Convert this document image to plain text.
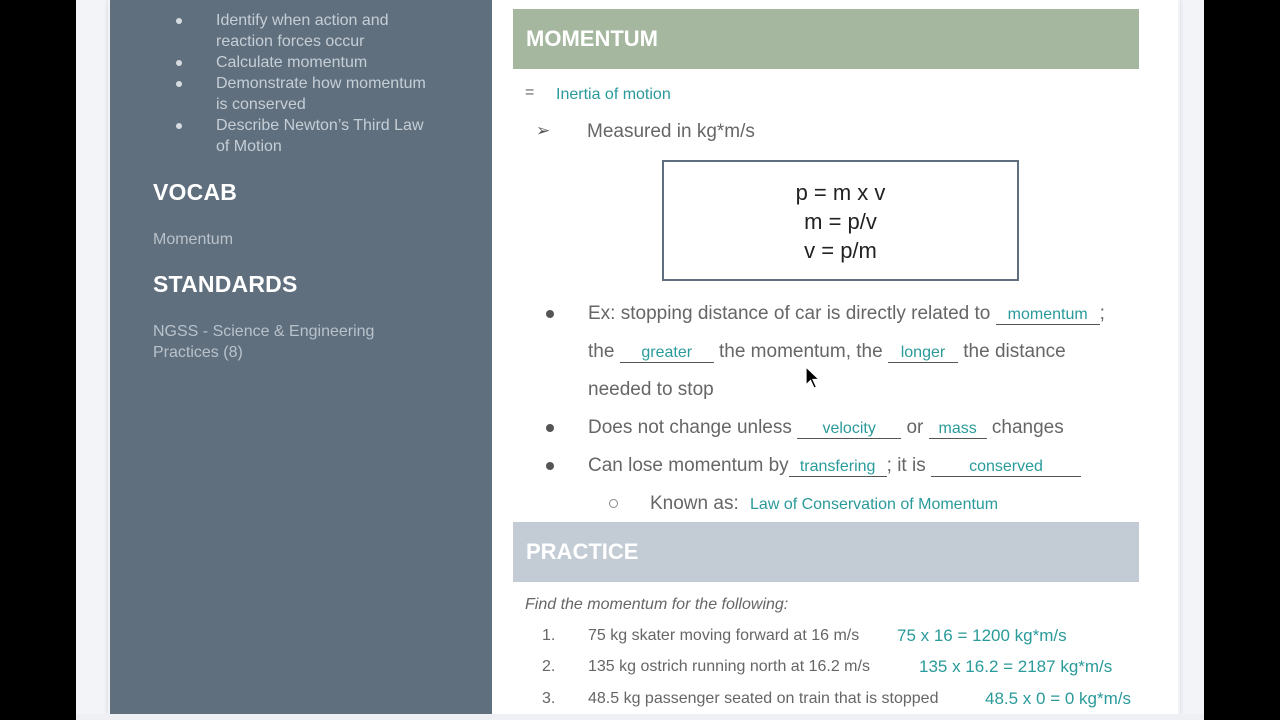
Identify when action and
reaction forces occur
Calculate momentum
Demonstrate how momentum
is conserved
Describe Newton’s Third Law
of Motion
VOCAB
Momentum
STANDARDS
NGSS - Science & Engineering
Practices (8)
MOMENTUM
= Inertia of motion
➢ Measured in kg*m/s
p = m x v
m = p/v
v = p/m
Ex: stopping distance of car is directly related to momentum ;
the greater the momentum, the longer the distance
needed to stop
Does not change unless velocity or mass changes
Can lose momentum by transfering ; it is	conserved
Known as: Law of Conservation of Momentum
PRACTICE
Find the momentum for the following:
1. 75 kg skater moving forward at 16 m/s 75 x 16 = 1200 kg*m/s
2. 135 kg ostrich running north at 16.2 m/s	135 x 16.2 = 2187 kg*m/s
3. 48.5 kg passenger seated on train that is stopped	48.5 x 0 = 0 kg*m/s
